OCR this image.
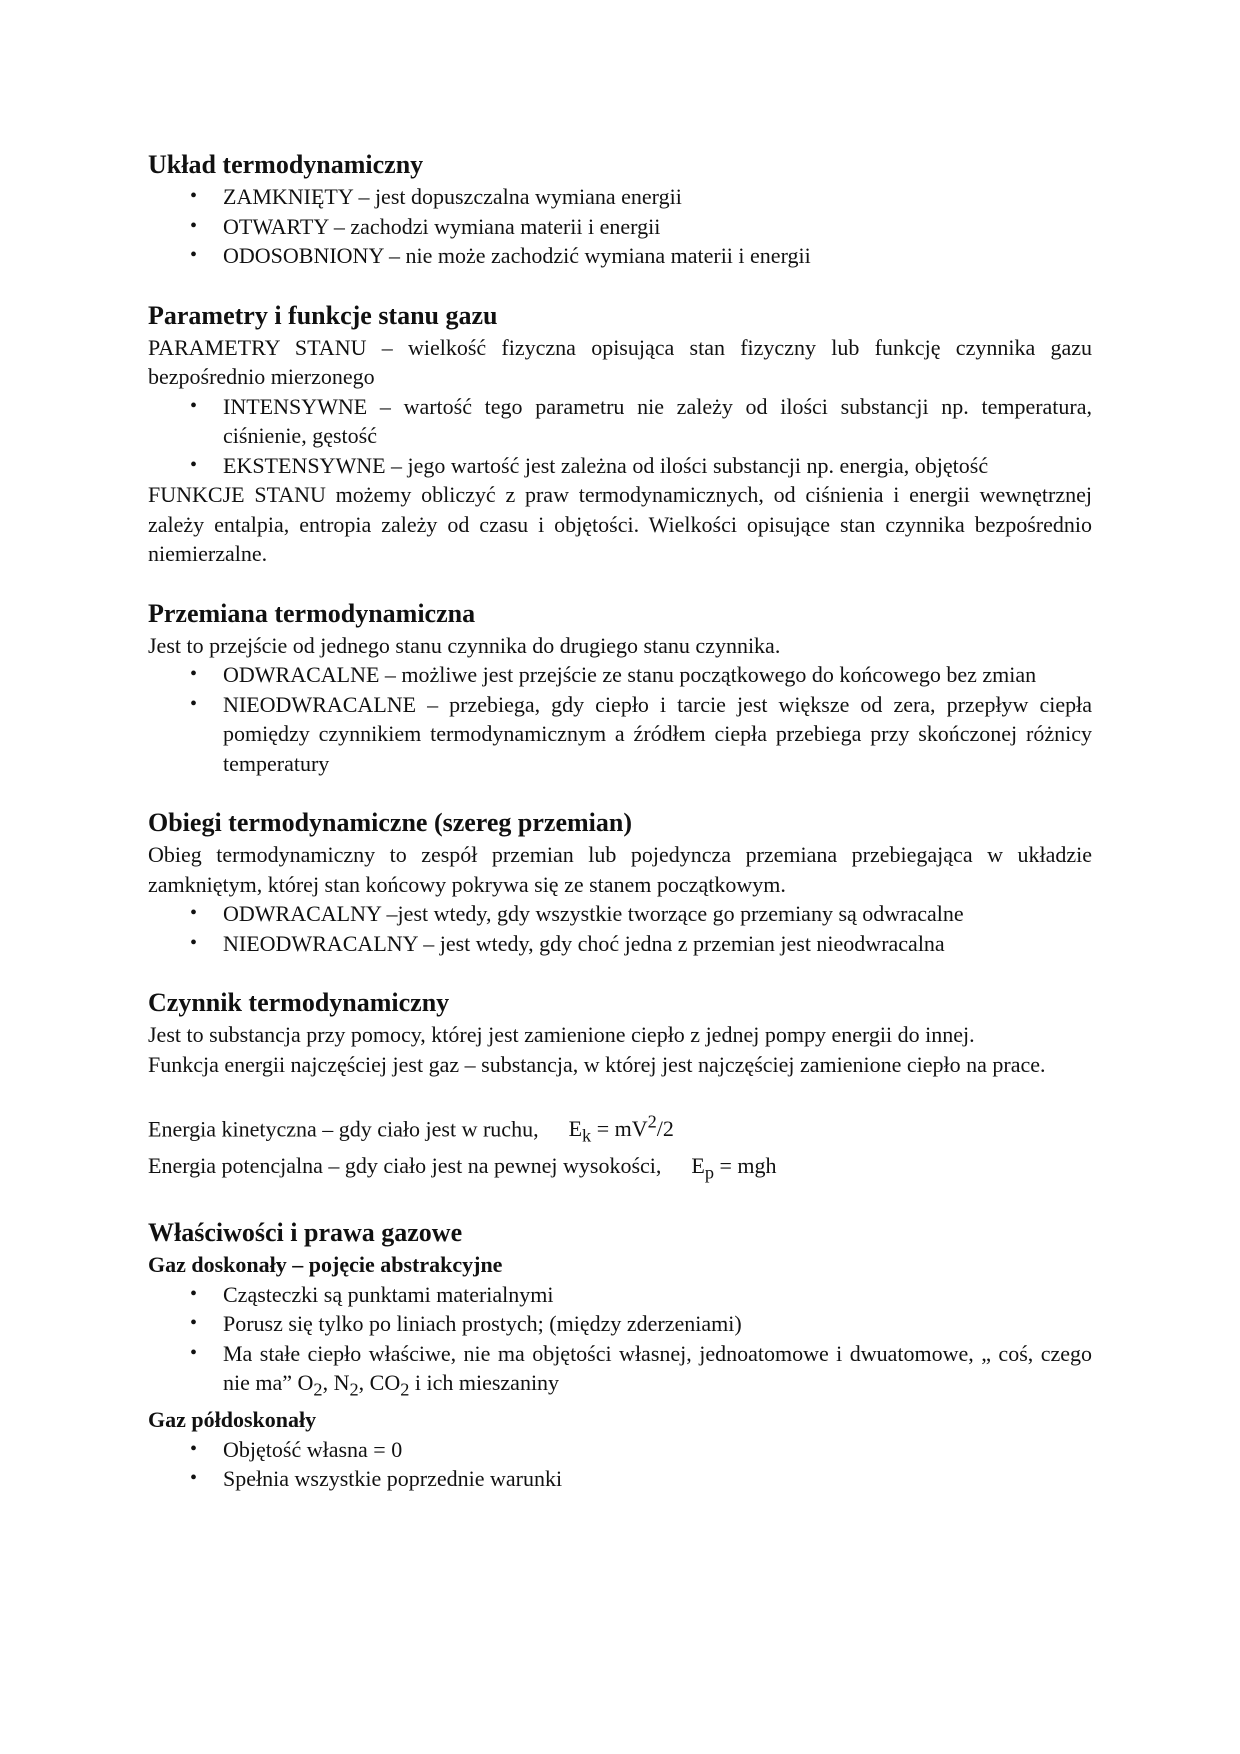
Układ termodynamiczny
• ZAMKNIĘTY – jest dopuszczalna wymiana energii
• OTWARTY – zachodzi wymiana materii i energii
• ODOSOBNIONY – nie może zachodzić wymiana materii i energii
Parametry i funkcje stanu gazu

PARAMETRY STANU – wielkość fizyczna opisująca stan fizyczny lub funkcję czynnika gazu bezpośrednio mierzonego

• INTENSYWNE – wartość tego parametru nie zależy od ilości substancji np. temperatura, ciśnienie, gęstość
• EKSTENSYWNE – jego wartość jest zależna od ilości substancji np. energia, objętość

FUNKCJE STANU możemy obliczyć z praw termodynamicznych, od ciśnienia i energii wewnętrznej zależy entalpia, entropia zależy od czasu i objętości. Wielkości opisujące stan czynnika bezpośrednio niemierzalne.

Przemiana termodynamiczna

Jest to przejście od jednego stanu czynnika do drugiego stanu czynnika.

• ODWRACALNE – możliwe jest przejście ze stanu początkowego do końcowego bez zmian
• NIEODWRACALNE – przebiega, gdy ciepło i tarcie jest większe od zera, przepływ ciepła pomiędzy czynnikiem termodynamicznym a źródłem ciepła przebiega przy skończonej różnicy temperatury
Obiegi termodynamiczne (szereg przemian)

Obieg termodynamiczny to zespół przemian lub pojedyncza przemiana przebiegająca w układzie zamkniętym, której stan końcowy pokrywa się ze stanem początkowym.

• ODWRACALNY –jest wtedy, gdy wszystkie tworzące go przemiany są odwracalne
• NIEODWRACALNY – jest wtedy, gdy choć jedna z przemian jest nieodwracalna
Czynnik termodynamiczny

Jest to substancja przy pomocy, której jest zamienione ciepło z jednej pompy energii do innej.

Funkcja energii najczęściej jest gaz – substancja, w której jest najczęściej zamienione ciepło na prace.

Energia kinetyczna – gdy ciało jest w ruchu, $E_k = mV^2/2$
Energia potencjalna – gdy ciało jest na pewnej wysokości, $E_p$ = mgh
Właściwości i prawa gazowe

Gaz doskonały – pojęcie abstrakcyjne

• Cząsteczki są punktami materialnymi
• Porusz się tylko po liniach prostych; (między zderzeniami)
• Ma stałe ciepło właściwe, nie ma objętości własnej, jednoatomowe i dwuatomowe, „ coś, czego nie ma” $O_2$, $N_2$, $CO_2$ i ich mieszaniny

Gaz półdoskonały

• Objętość własna = 0
• Spełnia wszystkie poprzednie warunki
